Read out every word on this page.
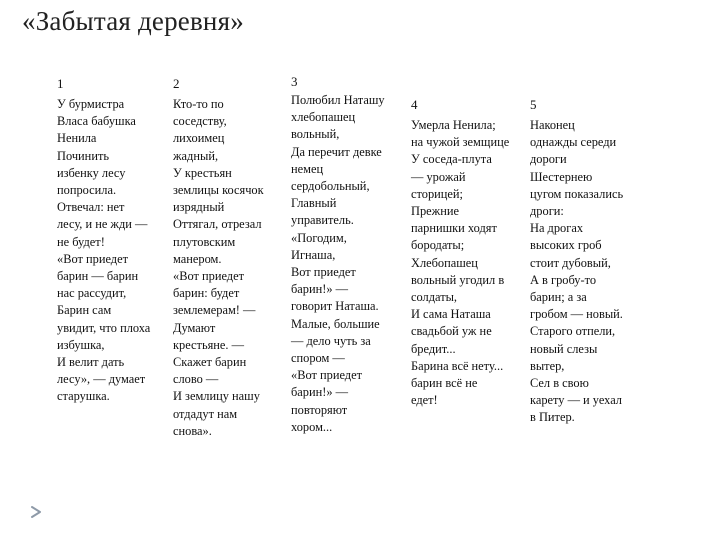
«Забытая деревня»
1
У бурмистра
Власа бабушка
Ненила
Починить
избенку лесу
попросила.
Отвечал: нет
лесу, и не жди —
не будет!
«Вот приедет
барин — барин
нас рассудит,
Барин сам
увидит, что плоха
избушка,
И велит дать
лесу», — думает
старушка.
2
Кто-то по
соседству,
лихоимец
жадный,
У крестьян
землицы косячок
изрядный
Оттягал, отрезал
плутовским
манером.
«Вот приедет
барин: будет
землемерам! —
Думают
крестьяне. —
Скажет барин
слово —
И землицу нашу
отдадут нам
снова».
3
Полюбил Наташу
хлебопашец
вольный,
Да перечит девке
немец
сердобольный,
Главный
управитель.
«Погодим,
Игнаша,
Вот приедет
барин!» —
говорит Наташа.
Малые, большие
— дело чуть за
спором —
«Вот приедет
барин!» —
повторяют
хором...
4
Умерла Ненила;
на чужой земщице
У соседа-плута
— урожай
сторицей;
Прежние
парнишки ходят
бородаты;
Хлебопашец
вольный угодил в
солдаты,
И сама Наташа
свадьбой уж не
бредит...
Барина всё нету...
барин всё не
едет!
5
Наконец
однажды середи
дороги
Шестернею
цугом показались
дроги:
На дрогах
высоких гроб
стоит дубовый,
А в гробу-то
барин; а за
гробом — новый.
Старого отпели,
новый слезы
вытер,
Сел в свою
карету — и уехал
в Питер.
